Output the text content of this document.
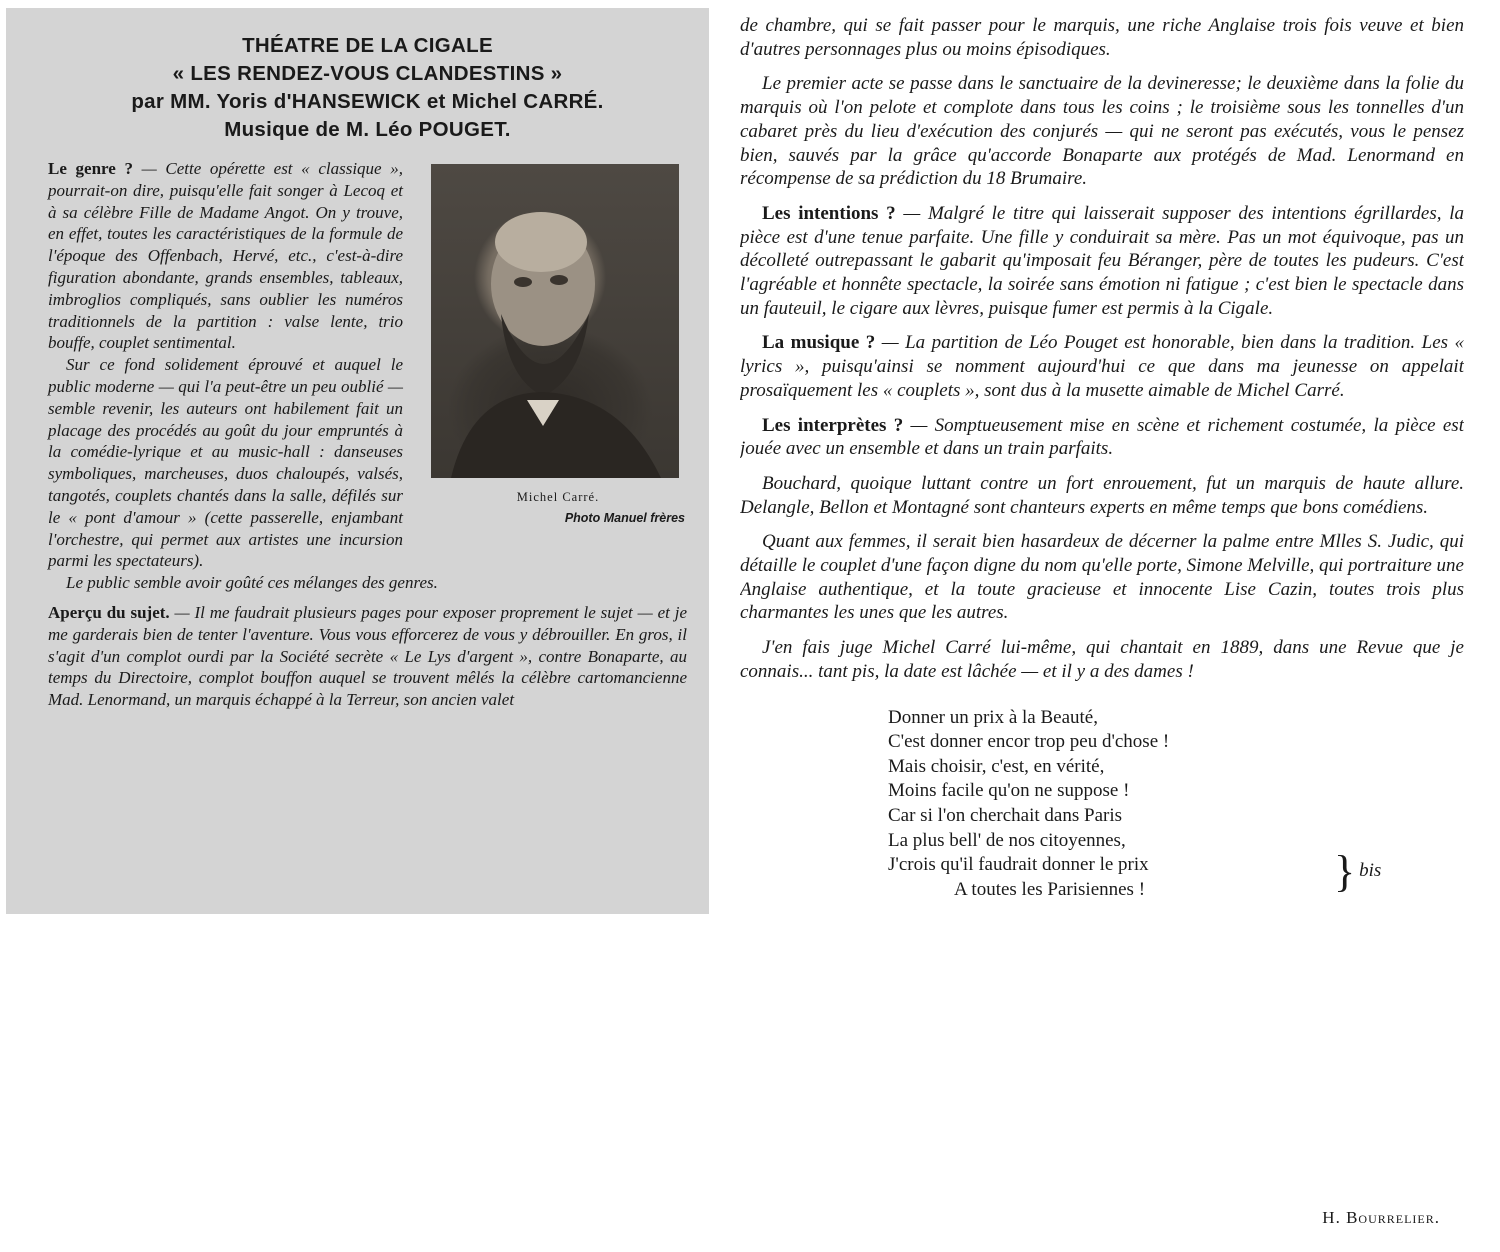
THÉATRE DE LA CIGALE
« LES RENDEZ-VOUS CLANDESTINS »
par MM. Yoris d'HANSEWICK et Michel CARRÉ.
Musique de M. Léo POUGET.
Michel Carré.
Photo Manuel frères

Le genre ? — Cette opérette est « classique », pourrait-on dire, puisqu'elle fait songer à Lecoq et à sa célèbre Fille de Madame Angot. On y trouve, en effet, toutes les caractéristiques de la formule de l'époque des Offenbach, Hervé, etc., c'est-à-dire figuration abondante, grands ensembles, tableaux, imbroglios compliqués, sans oublier les numéros traditionnels de la partition : valse lente, trio bouffe, couplet sentimental.

Sur ce fond solidement éprouvé et auquel le public moderne — qui l'a peut-être un peu oublié — semble revenir, les auteurs ont habilement fait un placage des procédés au goût du jour empruntés à la comédie-lyrique et au music-hall : danseuses symboliques, marcheuses, duos chaloupés, valsés, tangotés, couplets chantés dans la salle, défilés sur le « pont d'amour » (cette passerelle, enjambant l'orchestre, qui permet aux artistes une incursion parmi les spectateurs).

Le public semble avoir goûté ces mélanges des genres.

Aperçu du sujet. — Il me faudrait plusieurs pages pour exposer proprement le sujet — et je me garderais bien de tenter l'aventure. Vous vous efforcerez de vous y débrouiller. En gros, il s'agit d'un complot ourdi par la Société secrète « Le Lys d'argent », contre Bonaparte, au temps du Directoire, complot bouffon auquel se trouvent mêlés la célèbre cartomancienne Mad. Lenormand, un marquis échappé à la Terreur, son ancien valet

de chambre, qui se fait passer pour le marquis, une riche Anglaise trois fois veuve et bien d'autres personnages plus ou moins épisodiques.

Le premier acte se passe dans le sanctuaire de la devineresse; le deuxième dans la folie du marquis où l'on pelote et complote dans tous les coins ; le troisième sous les tonnelles d'un cabaret près du lieu d'exécution des conjurés — qui ne seront pas exécutés, vous le pensez bien, sauvés par la grâce qu'accorde Bonaparte aux protégés de Mad. Lenormand en récompense de sa prédiction du 18 Brumaire.

Les intentions ? — Malgré le titre qui laisserait supposer des intentions égrillardes, la pièce est d'une tenue parfaite. Une fille y conduirait sa mère. Pas un mot équivoque, pas un décolleté outrepassant le gabarit qu'imposait feu Béranger, père de toutes les pudeurs. C'est l'agréable et honnête spectacle, la soirée sans émotion ni fatigue ; c'est bien le spectacle dans un fauteuil, le cigare aux lèvres, puisque fumer est permis à la Cigale.

La musique ? — La partition de Léo Pouget est honorable, bien dans la tradition. Les « lyrics », puisqu'ainsi se nomment aujourd'hui ce que dans ma jeunesse on appelait prosaïquement les « couplets », sont dus à la musette aimable de Michel Carré.

Les interprètes ? — Somptueusement mise en scène et richement costumée, la pièce est jouée avec un ensemble et dans un train parfaits.

Bouchard, quoique luttant contre un fort enrouement, fut un marquis de haute allure. Delangle, Bellon et Montagné sont chanteurs experts en même temps que bons comédiens.

Quant aux femmes, il serait bien hasardeux de décerner la palme entre Mlles S. Judic, qui détaille le couplet d'une façon digne du nom qu'elle porte, Simone Melville, qui portraiture une Anglaise authentique, et la toute gracieuse et innocente Lise Cazin, toutes trois plus charmantes les unes que les autres.

J'en fais juge Michel Carré lui-même, qui chantait en 1889, dans une Revue que je connais... tant pis, la date est lâchée — et il y a des dames !

Donner un prix à la Beauté,
C'est donner encor trop peu d'chose !
Mais choisir, c'est, en vérité,
Moins facile qu'on ne suppose !
Car si l'on cherchait dans Paris
La plus bell' de nos citoyennes,
J'crois qu'il faudrait donner le prix
A toutes les Parisiennes !	} bis
H. Bourrelier.
